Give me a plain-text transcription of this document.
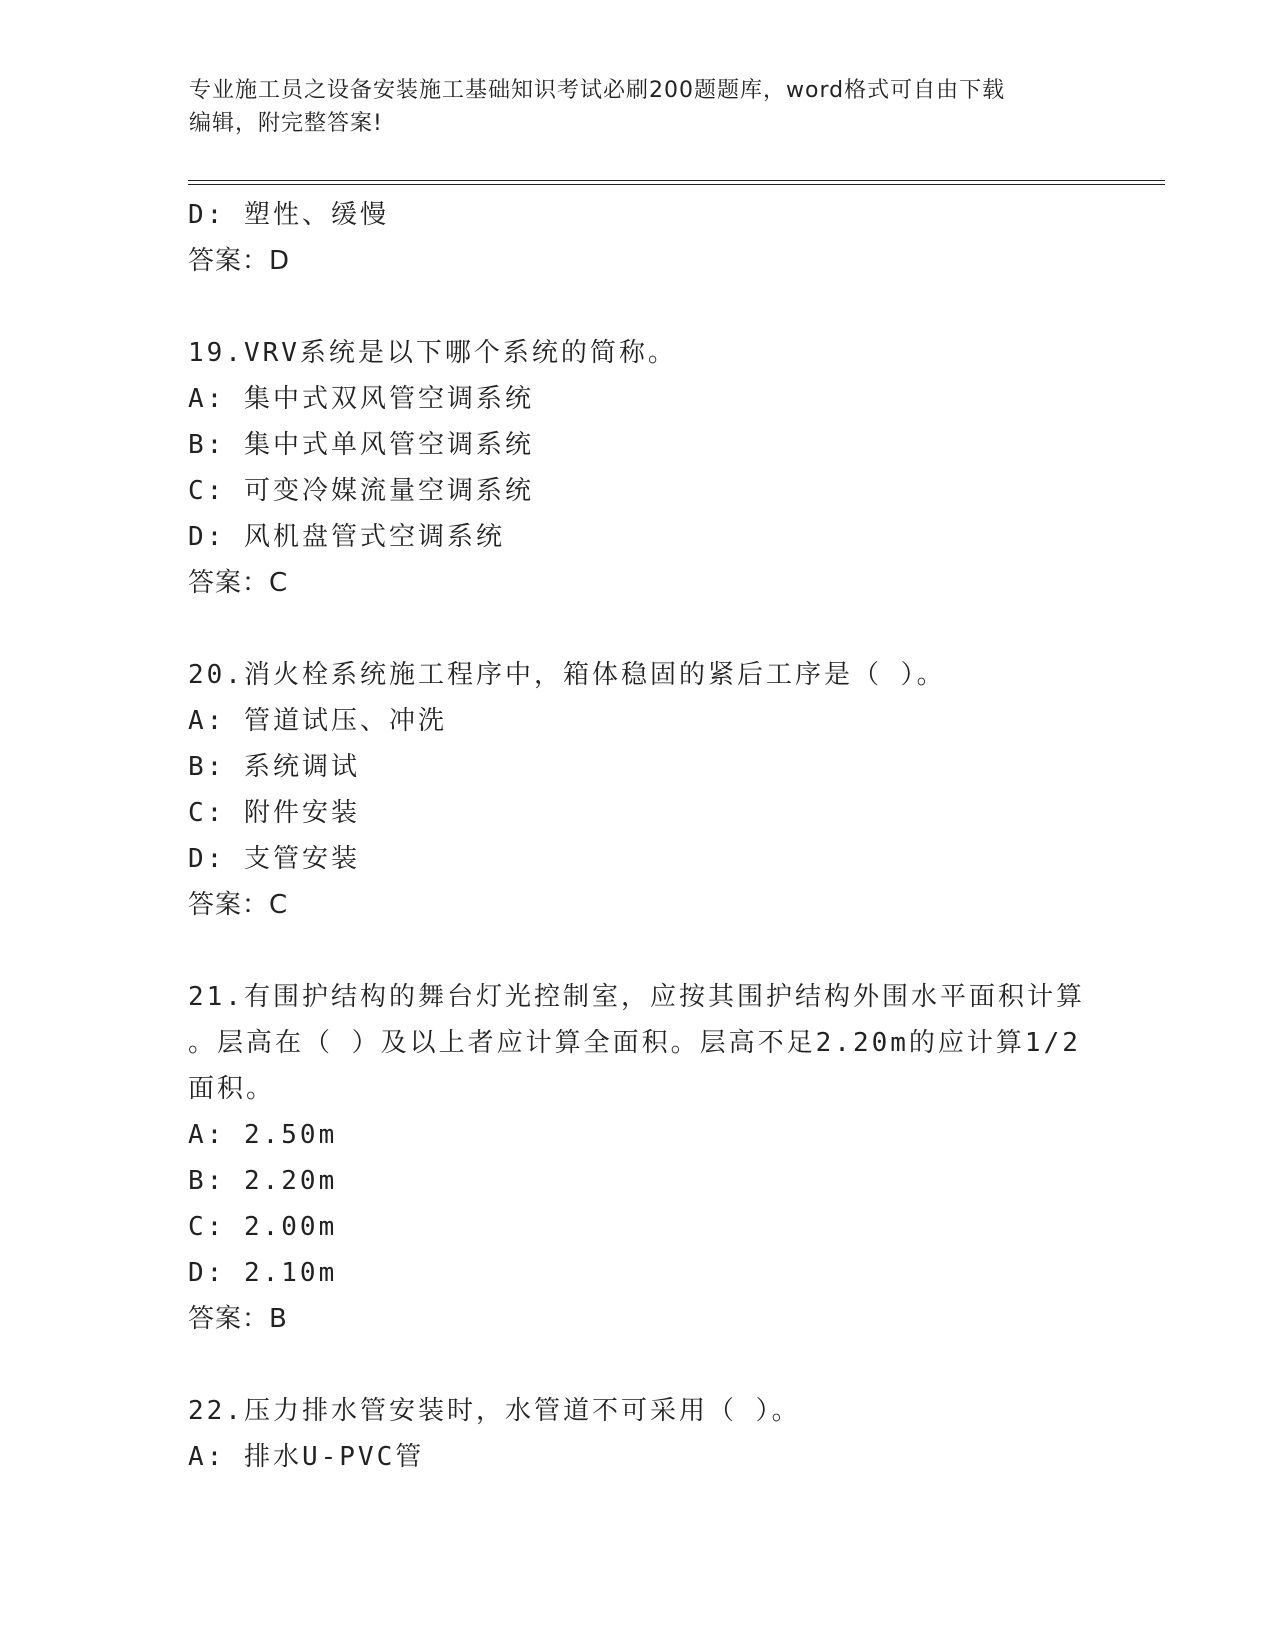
专业施工员之设备安装施工基础知识考试必刷200题题库，word格式可自由下载
编辑，附完整答案!
D: 塑性、缓慢
答案：D
19.VRV系统是以下哪个系统的简称。
A: 集中式双风管空调系统
B: 集中式单风管空调系统
C: 可变冷媒流量空调系统
D: 风机盘管式空调系统
答案：C
20.消火栓系统施工程序中，箱体稳固的紧后工序是（ ）。
A: 管道试压、冲洗
B: 系统调试
C: 附件安装
D: 支管安装
答案：C
21.有围护结构的舞台灯光控制室，应按其围护结构外围水平面积计算
。层高在（ ）及以上者应计算全面积。层高不足2.20m的应计算1/2
面积。
A: 2.50m
B: 2.20m
C: 2.00m
D: 2.10m
答案：B
22.压力排水管安装时，水管道不可采用（ ）。
A: 排水U-PVC管
